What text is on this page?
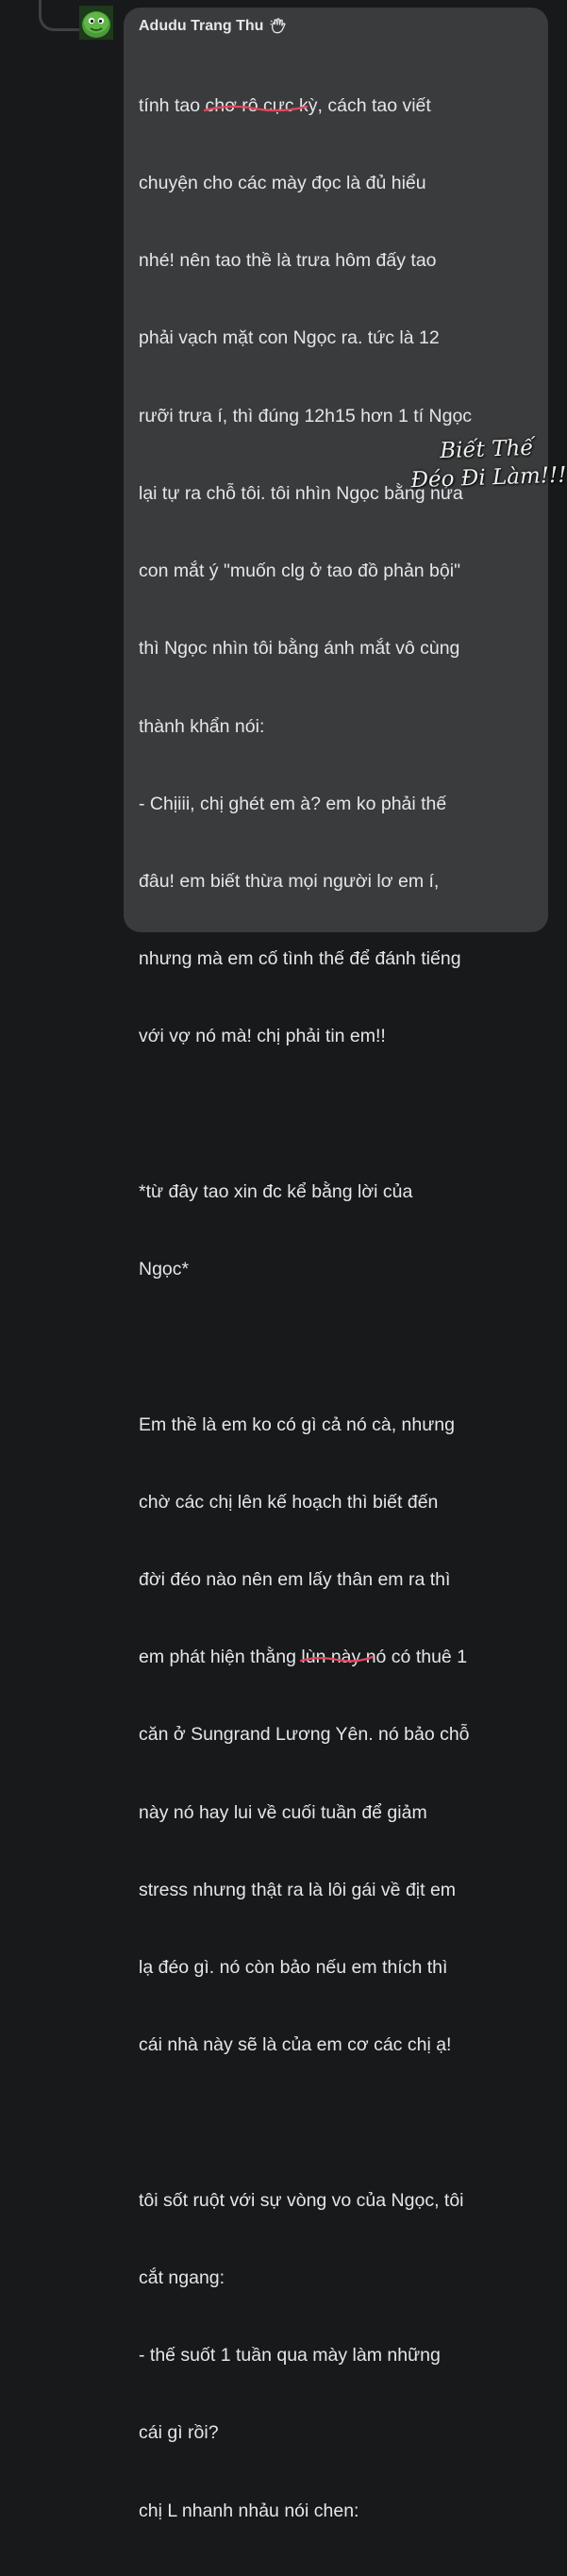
Adudu Trang Thu

tính tao chơ rô cực
kỳ, cách tao viết

chuyện cho các mày đọc là đủ hiểu

nhé! nên tao thề là trưa hôm đấy tao

phải vạch mặt con Ngọc ra. tức là 12

rưỡi trưa í, thì đúng 12h15 hơn 1 tí Ngọc

lại tự ra chỗ tôi. tôi nhìn Ngọc bằng nửa

con mắt ý "muốn clg ở tao đồ phản bội"

thì Ngọc nhìn tôi bằng ánh mắt vô cùng

thành khẩn nói:

- Chịiii, chị ghét em à? em ko phải thế

đâu! em biết thừa mọi người lơ em í,

nhưng mà em cố tình thế để đánh tiếng

với vợ nó mà! chị phải tin em!!

*từ đây tao xin đc kể bằng lời của

Ngọc*

Em thề là em ko có gì cả nó cà, nhưng

chờ các chị lên kế hoạch thì biết đến

đời đéo nào nên em lấy thân em ra thì

em phát hiện thằng lùn này
nó có thuê 1

căn ở Sungrand Lương Yên. nó bảo chỗ

này nó hay lui về cuối tuần để giảm

stress nhưng thật ra là lôi gái về địt em

lạ đéo gì. nó còn bảo nếu em thích thì

cái nhà này sẽ là của em cơ các chị ạ!

tôi sốt ruột với sự vòng vo của Ngọc, tôi

cắt ngang:

- thế suốt 1 tuần qua mày làm những

cái gì rồi?

chị L nhanh nhảu nói chen:

Biết Thế
Đéo Đi Làm!!!
